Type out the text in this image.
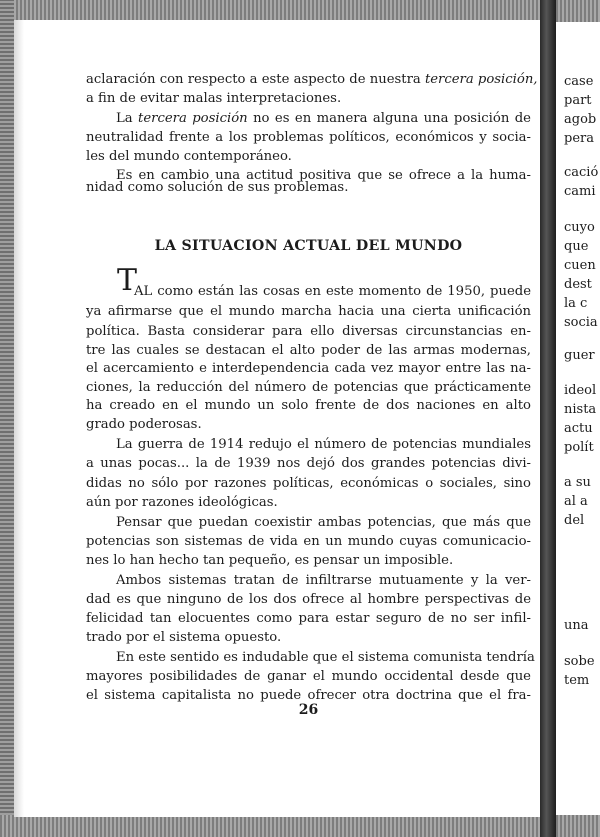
aclaración con respecto a este aspecto de nuestra tercera posición,
a fin de evitar malas interpretaciones.
La tercera posición no es en manera alguna una posición de
neutralidad frente a los problemas políticos, económicos y socia-
les del mundo contemporáneo.
Es en cambio una actitud positiva que se ofrece a la huma-
nidad como solución de sus problemas.
LA SITUACION ACTUAL DEL MUNDO
T
AL como están las cosas en este momento de 1950, puede
ya afirmarse que el mundo marcha hacia una cierta unificación
política. Basta considerar para ello diversas circunstancias en-
tre las cuales se destacan el alto poder de las armas modernas,
el acercamiento e interdependencia cada vez mayor entre las na-
ciones, la reducción del número de potencias que prácticamente
ha creado en el mundo un solo frente de dos naciones en alto
grado poderosas.
La guerra de 1914 redujo el número de potencias mundiales
a unas pocas... la de 1939 nos dejó dos grandes potencias divi-
didas no sólo por razones políticas, económicas o sociales, sino
aún por razones ideológicas.
Pensar que puedan coexistir ambas potencias, que más que
potencias son sistemas de vida en un mundo cuyas comunicacio-
nes lo han hecho tan pequeño, es pensar un imposible.
Ambos sistemas tratan de infiltrarse mutuamente y la ver-
dad es que ninguno de los dos ofrece al hombre perspectivas de
felicidad tan elocuentes como para estar seguro de no ser infil-
trado por el sistema opuesto.
En este sentido es indudable que el sistema comunista tendría
mayores posibilidades de ganar el mundo occidental desde que
el sistema capitalista no puede ofrecer otra doctrina que el fra-
26
case
part
agob
pera
cació
cami
cuyo
que
cuen
dest
la c
socia
guer
ideol
nista
actu
polít
a su
al a
del
una
sobe
tem
